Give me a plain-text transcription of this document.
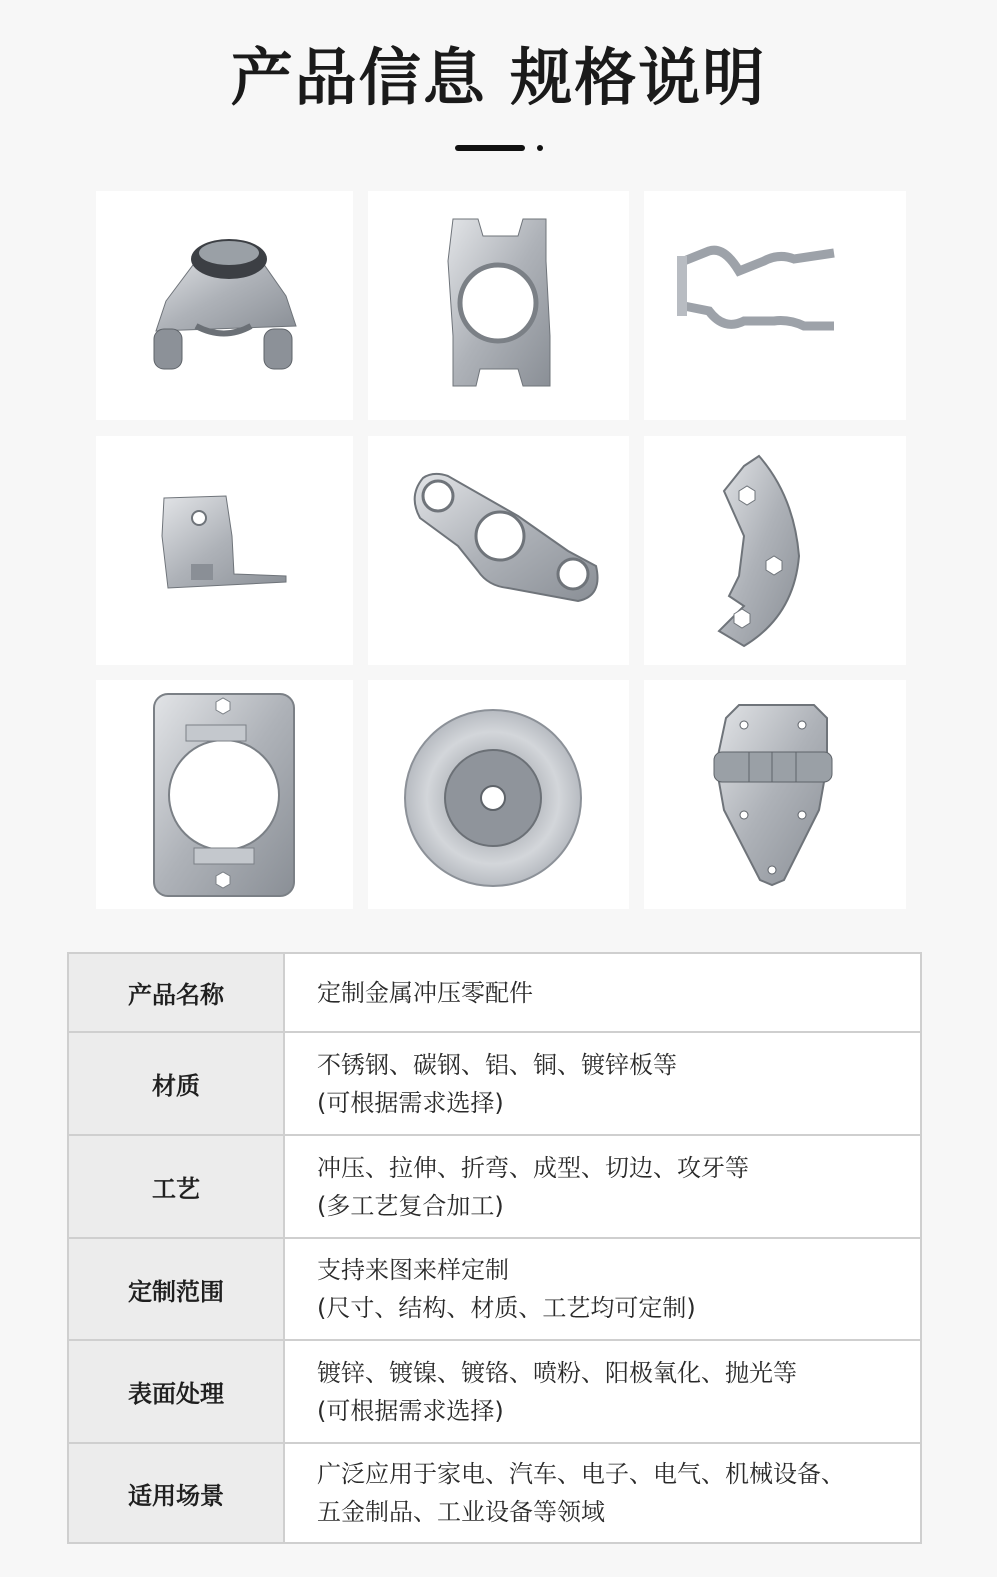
产品信息 规格说明
产品名称	定制金属冲压零配件

材质	不锈钢、碳钢、铝、铜、镀锌板等
(可根据需求选择)

工艺	冲压、拉伸、折弯、成型、切边、攻牙等
(多工艺复合加工)

定制范围	支持来图来样定制
(尺寸、结构、材质、工艺均可定制)

表面处理	镀锌、镀镍、镀铬、喷粉、阳极氧化、抛光等
(可根据需求选择)

适用场景	广泛应用于家电、汽车、电子、电气、机械设备、
五金制品、工业设备等领域
